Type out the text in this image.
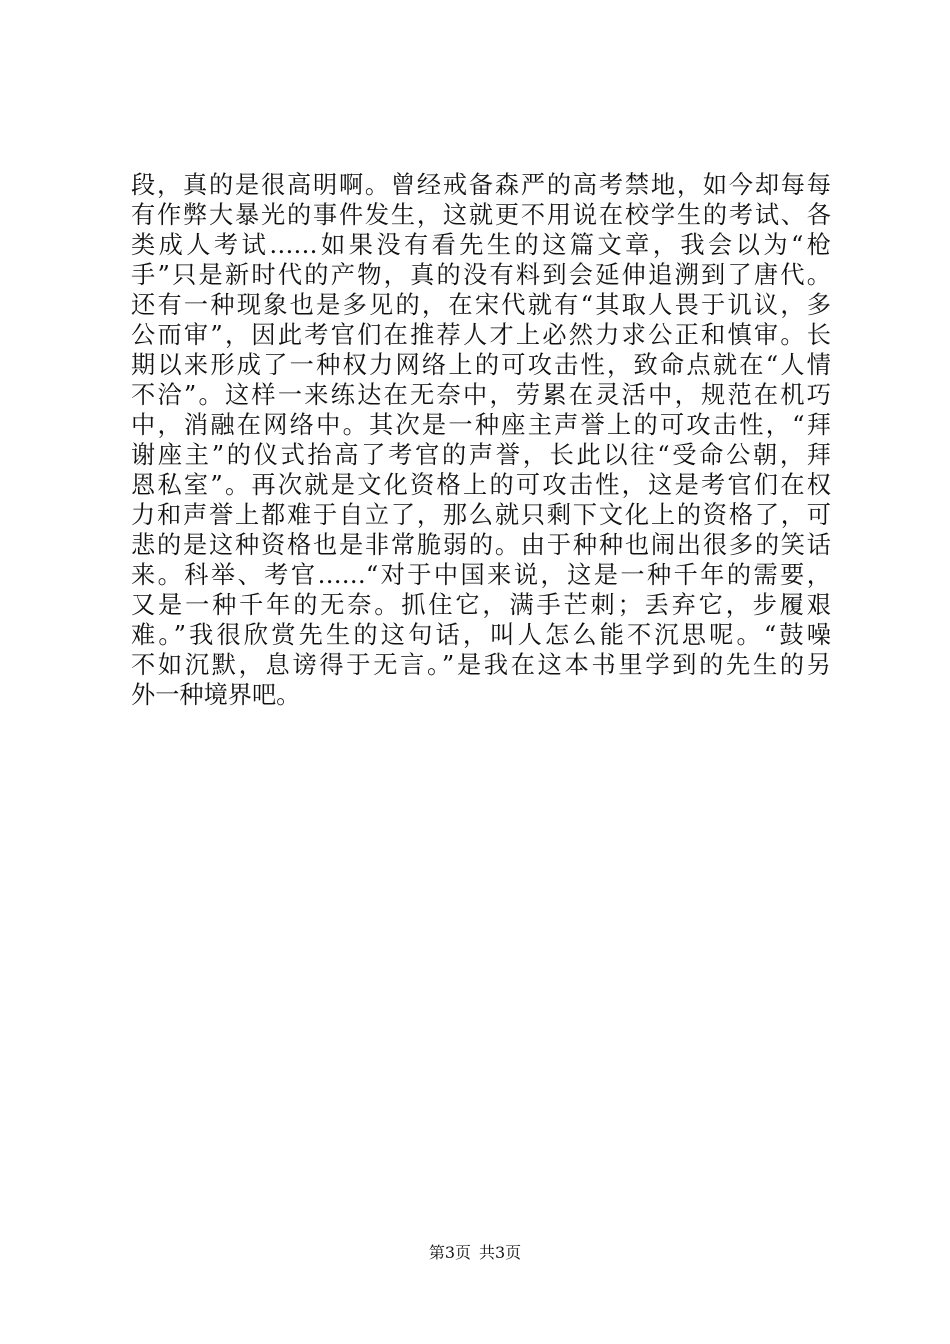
段，真的是很高明啊。曾经戒备森严的高考禁地，如今却每每
有作弊大暴光的事件发生，这就更不用说在校学生的考试、各
类成人考试……如果没有看先生的这篇文章，我会以为“枪
手”只是新时代的产物，真的没有料到会延伸追溯到了唐代。
还有一种现象也是多见的，在宋代就有“其取人畏于讥议，多
公而审”，因此考官们在推荐人才上必然力求公正和慎审。长
期以来形成了一种权力网络上的可攻击性，致命点就在“人情
不洽”。这样一来练达在无奈中，劳累在灵活中，规范在机巧
中，消融在网络中。其次是一种座主声誉上的可攻击性，“拜
谢座主”的仪式抬高了考官的声誉，长此以往“受命公朝，拜
恩私室”。再次就是文化资格上的可攻击性，这是考官们在权
力和声誉上都难于自立了，那么就只剩下文化上的资格了，可
悲的是这种资格也是非常脆弱的。由于种种也闹出很多的笑话
来。科举、考官……“对于中国来说，这是一种千年的需要，
又是一种千年的无奈。抓住它，满手芒刺；丢弃它，步履艰
难。”我很欣赏先生的这句话，叫人怎么能不沉思呢。“鼓噪
不如沉默，息谤得于无言。”是我在这本书里学到的先生的另
外一种境界吧。
第3页 共3页
